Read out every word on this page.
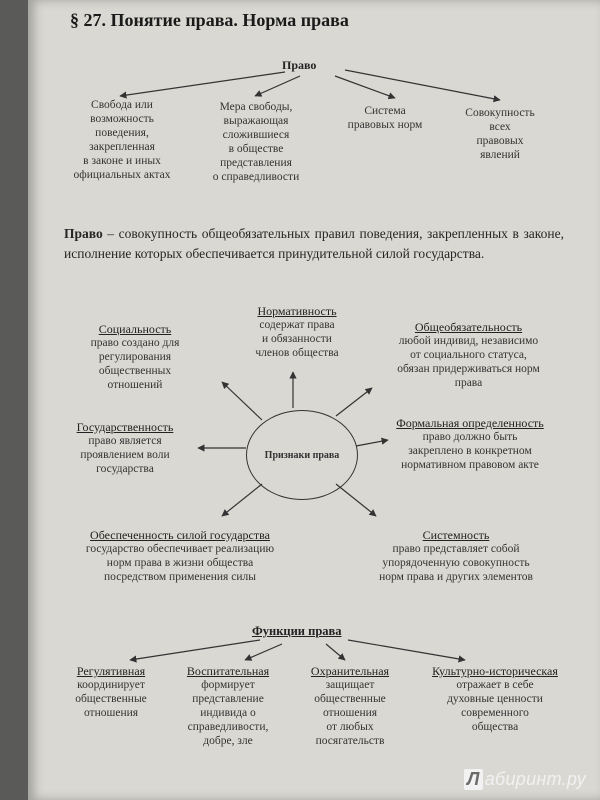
§ 27. Понятие права. Норма права
Право
Свобода или
возможность
поведения,
закрепленная
в законе и иных
официальных актах
Мера свободы,
выражающая
сложившиеся
в обществе
представления
о справедливости
Система
правовых норм
Совокупность
всех
правовых
явлений
Право – совокупность общеобязательных правил поведения, закрепленных в законе, исполнение которых обеспечивается принудительной силой государства.
Нормативность
содержат права
и обязанности
членов общества
Социальность
право создано для
регулирования
общественных
отношений
Общеобязательность
любой индивид, независимо
от социального статуса,
обязан придерживаться норм
права
Государственность
право является
проявлением воли
государства
Формальная определенность
право должно быть
закреплено в конкретном
нормативном правовом акте
Признаки права
Обеспеченность силой государства
государство обеспечивает реализацию
норм права в жизни общества
посредством применения силы
Системность
право представляет собой
упорядоченную совокупность
норм права и других элементов
Функции права
Регулятивная
координирует
общественные
отношения
Воспитательная
формирует
представление
индивида о
справедливости,
добре, зле
Охранительная
защищает
общественные
отношения
от любых
посягательств
Культурно-историческая
отражает в себе
духовные ценности
современного
общества
Л абиринт.ру
